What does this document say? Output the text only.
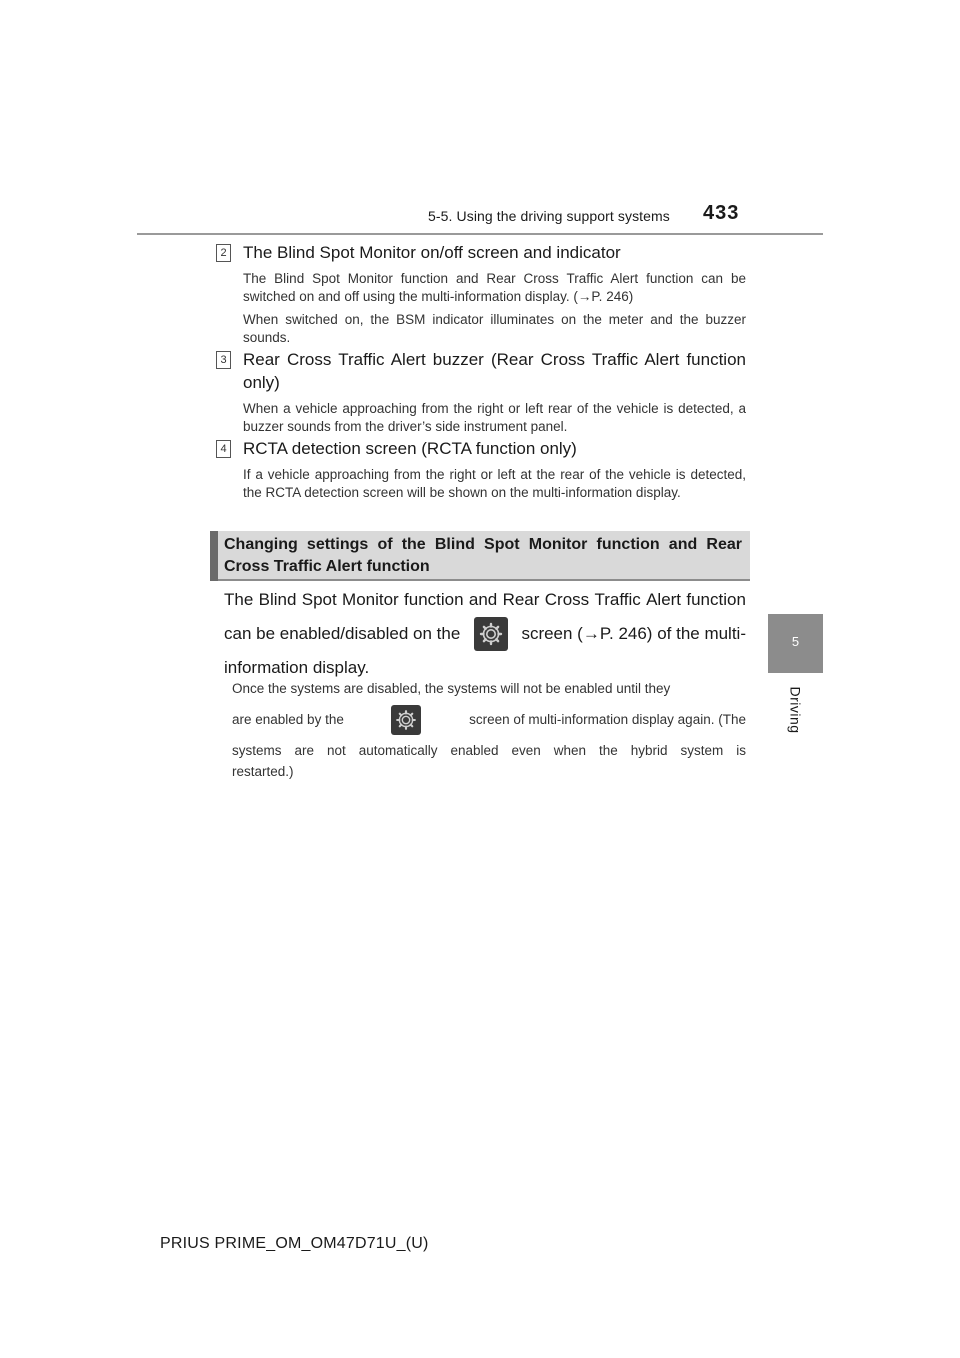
5-5. Using the driving support systems 433
5
Driving
2 The Blind Spot Monitor on/off screen and indicator

The Blind Spot Monitor function and Rear Cross Traffic Alert function can be switched on and off using the multi-information display. (→P. 246)

When switched on, the BSM indicator illuminates on the meter and the buzzer sounds.

3 Rear Cross Traffic Alert buzzer (Rear Cross Traffic Alert function only)

When a vehicle approaching from the right or left rear of the vehicle is detected, a buzzer sounds from the driver’s side instrument panel.

4 RCTA detection screen (RCTA function only)

If a vehicle approaching from the right or left at the rear of the vehicle is detected, the RCTA detection screen will be shown on the multi-information display.

Changing settings of the Blind Spot Monitor function and Rear Cross Traffic Alert function
The Blind Spot Monitor function and Rear Cross Traffic Alert function
can be enabled/disabled on the	screen (→P. 246) of the multi-
information display.
Once the systems are disabled, the systems will not be enabled until they
are enabled by the	screen of multi-information display again. (The
systems are not automatically enabled even when the hybrid system is
restarted.)
PRIUS PRIME_OM_OM47D71U_(U)
